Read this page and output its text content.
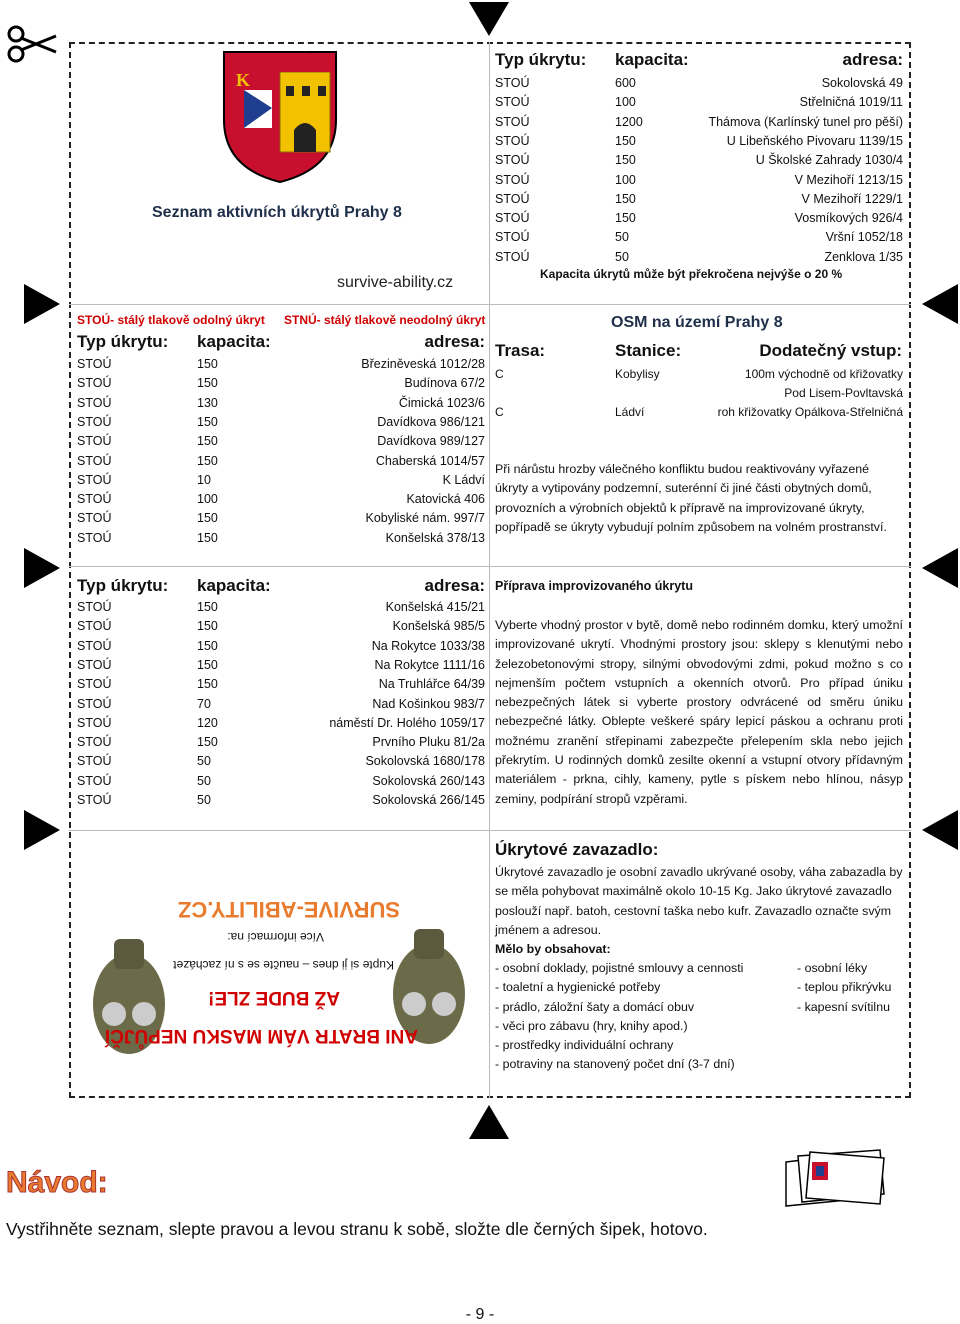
K
Seznam aktivních úkrytů Prahy 8
survive-ability.cz
STOÚ- stálý tlakově odolný úkryt STNÚ- stálý tlakově neodolný úkryt
Typ úkrytu: kapacita:	adresa:
STOÚ	150	Březiněveská 1012/28
STOÚ	150	Budínova 67/2
STOÚ	130	Čimická 1023/6
STOÚ	150	Davídkova 986/121
STOÚ	150	Davídkova 989/127
STOÚ	150	Chaberská 1014/57
STOÚ	10	K Ládví
STOÚ	100	Katovická 406
STOÚ	150	Kobyliské nám. 997/7
STOÚ	150	Konšelská 378/13
Typ úkrytu: kapacita:	adresa:
STOÚ	150	Konšelská 415/21
STOÚ	150	Konšelská 985/5
STOÚ	150	Na Rokytce 1033/38
STOÚ	150	Na Rokytce 1111/16
STOÚ	150	Na Truhlářce 64/39
STOÚ	70	Nad Košinkou 983/7
STOÚ	120	náměstí Dr. Holého 1059/17
STOÚ	150	Prvního Pluku 81/2a
STOÚ	50	Sokolovská 1680/178
STOÚ	50	Sokolovská 260/143
STOÚ	50	Sokolovská 266/145
Typ úkrytu: kapacita:	adresa:
STOÚ	600	Sokolovská 49
STOÚ	100	Střelničná 1019/11
STOÚ	1200	Thámova (Karlínský tunel pro pěší)
STOÚ	150	U Libeňského Pivovaru 1139/15
STOÚ	150	U Školské Zahrady 1030/4
STOÚ	100	V Mezihoří 1213/15
STOÚ	150	V Mezihoří 1229/1
STOÚ	150	Vosmíkových 926/4
STOÚ	50	Vršní 1052/18
STOÚ	50	Zenklova 1/35
Kapacita úkrytů může být překročena nejvýše o 20 %
OSM na území Prahy 8
Trasa:	Stanice:	Dodatečný vstup:
C	Kobylisy	100m východně od křižovatky
Pod Lisem-Povltavská
C	Ládví	roh křižovatky Opálkova-Střelničná

Při nárůstu hrozby válečného konfliktu budou reaktivovány vyřazené úkryty a vytipovány podzemní, suterénní či jiné části obytných domů, provozních a výrobních objektů k přípravě na improvizované úkryty, popřípadě se úkryty vybudují polním způsobem na volném prostranství.

Příprava improvizovaného úkrytu

Vyberte vhodný prostor v bytě, domě nebo rodinném domku, který umožní improvizované ukrytí. Vhodnými prostory jsou: sklepy s klenutými nebo železobetonovými stropy, silnými obvodovými zdmi, pokud možno s co nejmenším počtem vstupních a okenních otvorů. Pro případ úniku nebezpečných látek si vyberte prostory odvrácené od směru úniku nebezpečné látky. Oblepte veškeré spáry lepicí páskou a ochranu proti možnému zranění střepinami zabezpečte přelepením skla nebo jejich překrytím. U rodinných domků zesilte okenní a vstupní otvory přídavným materiálem - prkna, cihly, kameny, pytle s pískem nebo hlínou, násyp zeminy, podpírání stropů vzpěrami.

Úkrytové zavazadlo:

Úkrytové zavazadlo je osobní zavadlo ukrývané osoby, váha zabazadla by se měla pohybovat maximálně okolo 10-15 Kg. Jako úkrytové zavazadlo poslouží např. batoh, cestovní taška nebo kufr. Zavazadlo označte svým jménem a adresou.

Mělo by obsahovat:
- osobní doklady, pojistné smlouvy a cennosti
- toaletní a hygienické potřeby
- prádlo, záložní šaty a domácí obuv
- věci pro zábavu (hry, knihy apod.)
- prostředky individuální ochrany
- potraviny na stanovený počet dní (3-7 dní)
- osobní léky
- teplou přikrývku
- kapesní svítilnu
ANI BRATR VÁM MASKU NEPŮJČÍ
AŽ BUDE ZLE!
Kupte si ji dnes – naučte se s ní zacházet
Více informací na:
SURVIVE-ABILITY.CZ
Návod:
Vystřihněte seznam, slepte pravou a levou stranu k sobě, složte dle černých šipek, hotovo.
- 9 -
